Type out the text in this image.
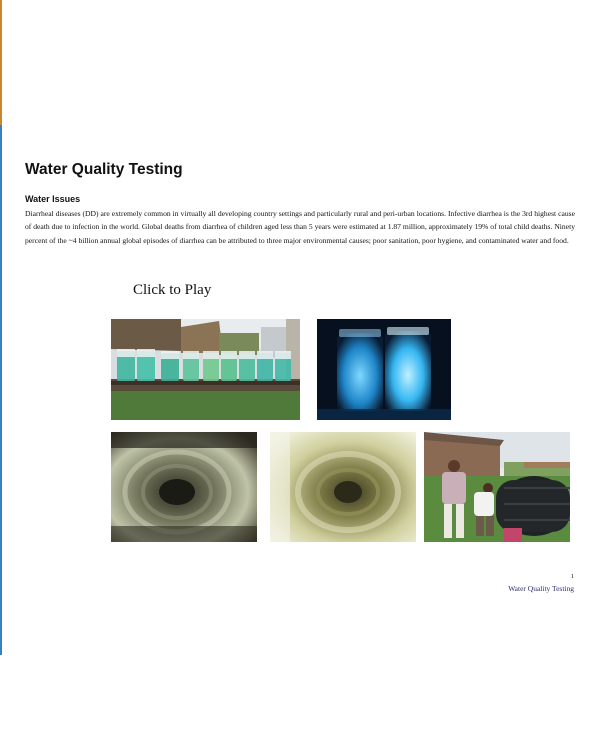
Water Quality Testing
Water Issues

Diarrheal diseases (DD) are extremely common in virtually all developing country settings and particularly rural and peri-urban locations. Infective diarrhea is the 3rd highest cause of death due to infection in the world. Global deaths from diarrhea of children aged less than 5 years were estimated at 1.87 million, approximately 19% of total child deaths. Ninety percent of the ~4 billion annual global episodes of diarrhea can be attributed to three major environmental causes; poor sanitation, poor hygiene, and contaminated water and food.

Click to Play
1
Water Quality Testing
